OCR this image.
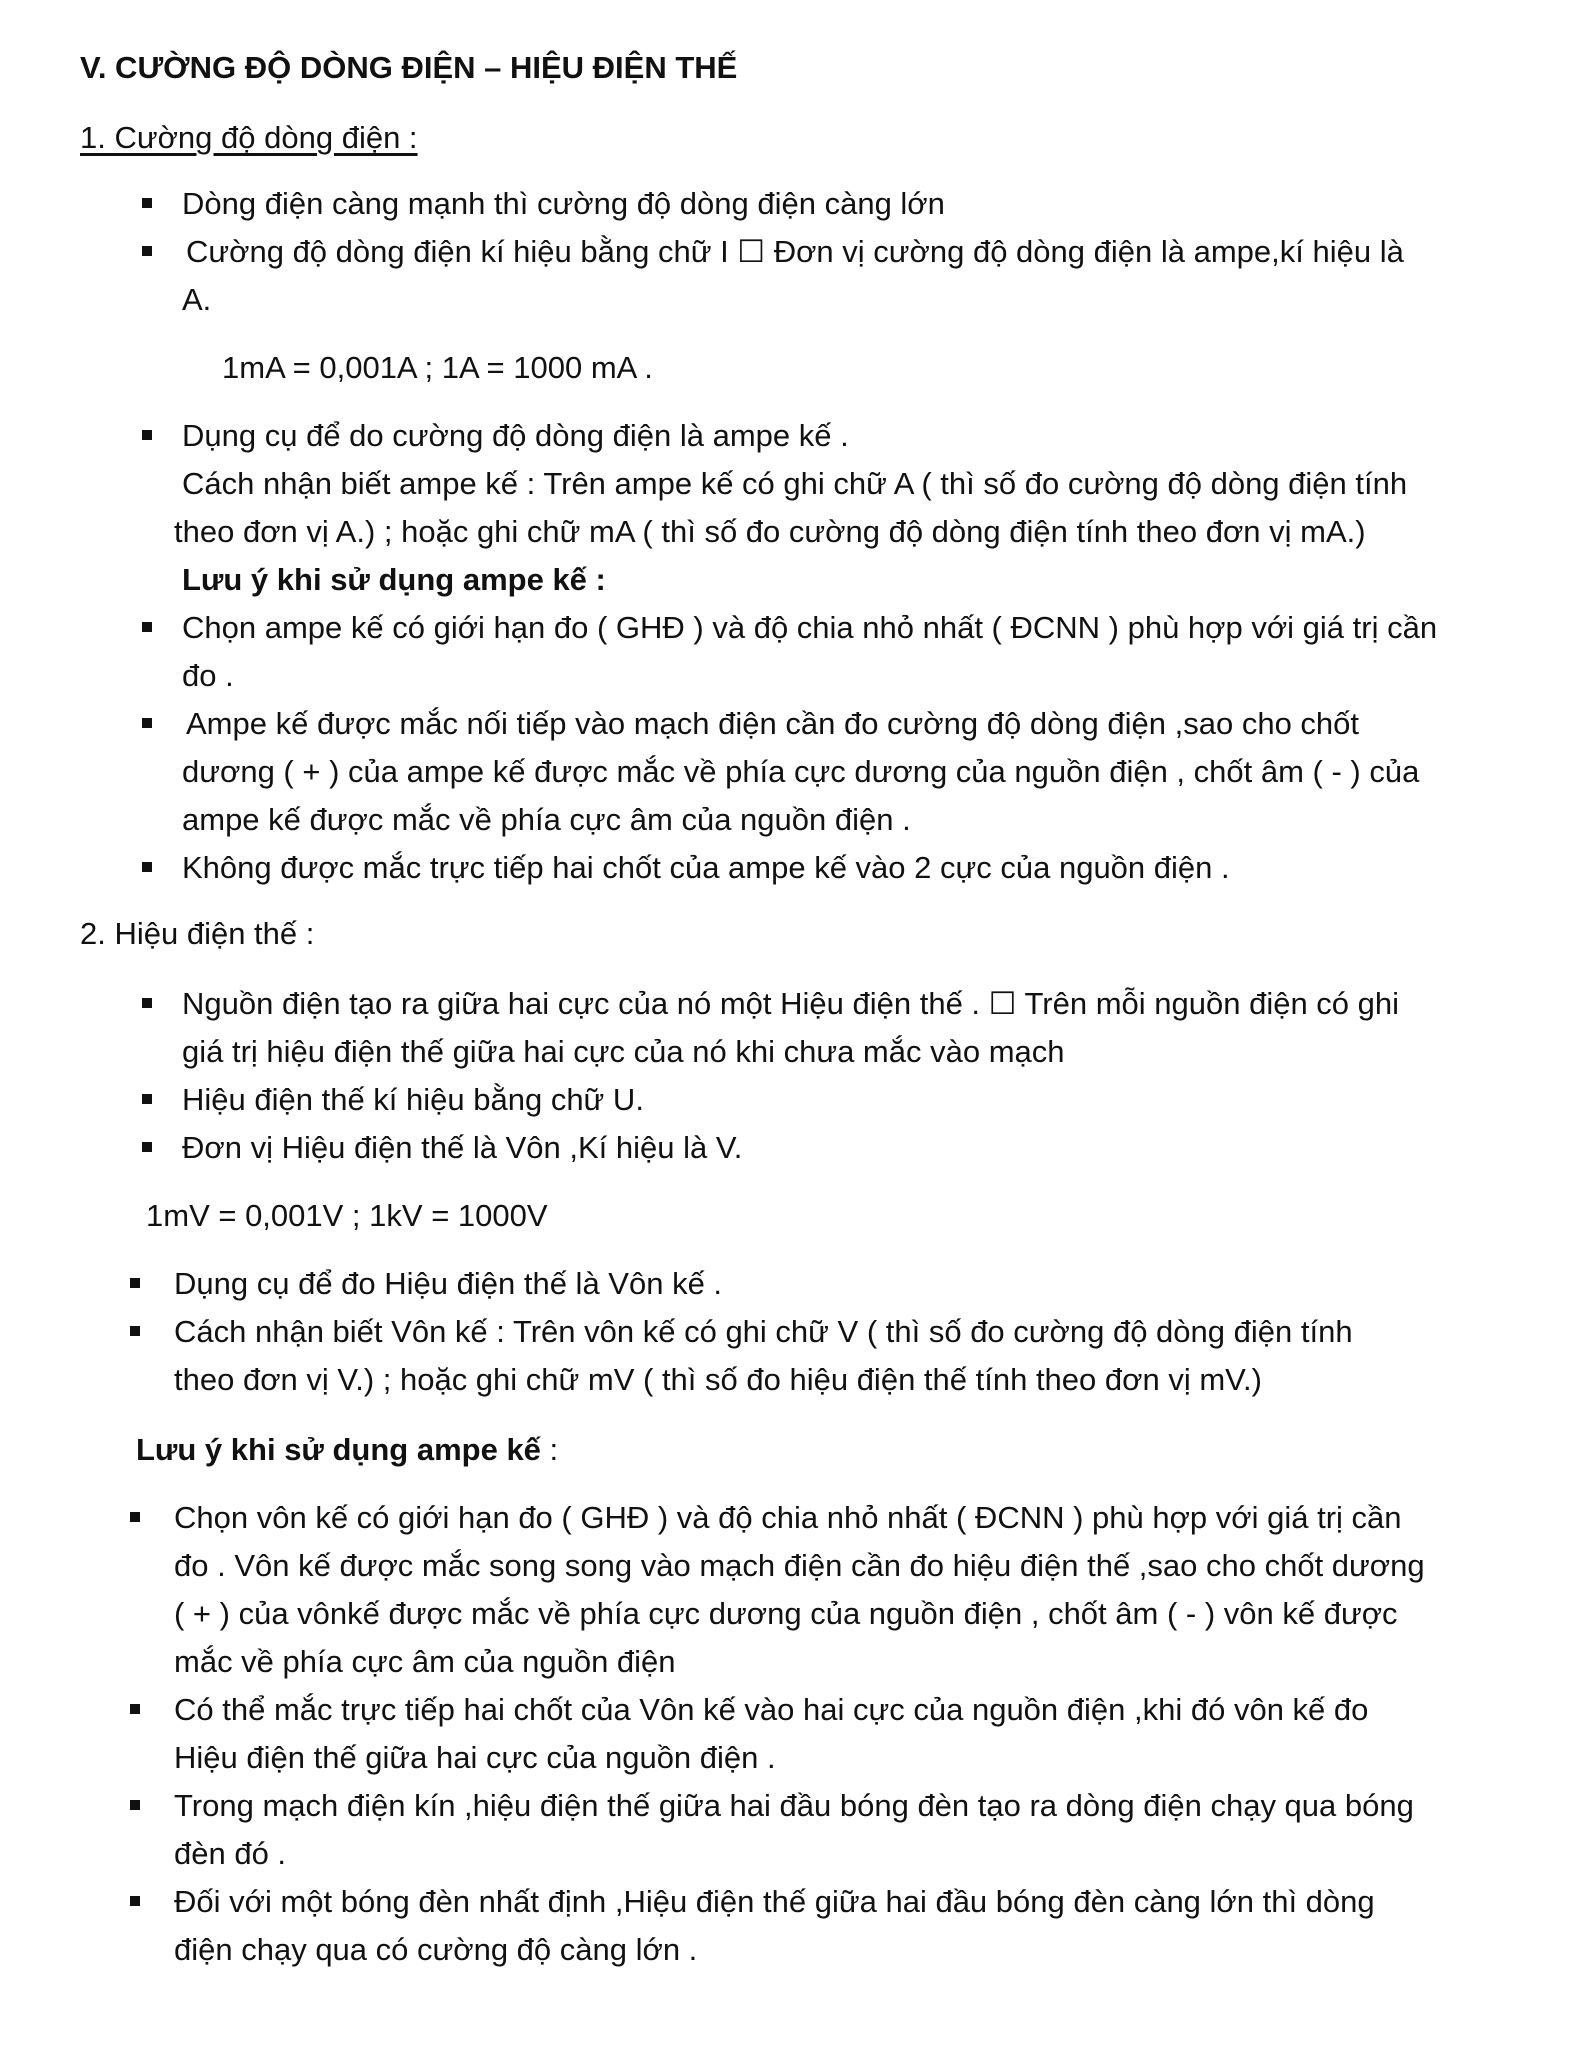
V. CƯỜNG ĐỘ DÒNG ĐIỆN – HIỆU ĐIỆN THẾ
1. Cường độ dòng điện :
Dòng điện càng mạnh thì cường độ dòng điện càng lớn
Cường độ dòng điện kí hiệu bằng chữ I ☐ Đơn vị cường độ dòng điện là ampe,kí hiệu là
A.
1mA = 0,001A ; 1A = 1000 mA .
Dụng cụ để do cường độ dòng điện là ampe kế .
Cách nhận biết ampe kế : Trên ampe kế có ghi chữ A ( thì số đo cường độ dòng điện tính
theo đơn vị A.) ; hoặc ghi chữ mA ( thì số đo cường độ dòng điện tính theo đơn vị mA.)
Lưu ý khi sử dụng ampe kế :
Chọn ampe kế có giới hạn đo ( GHĐ ) và độ chia nhỏ nhất ( ĐCNN ) phù hợp với giá trị cần
đo .
Ampe kế được mắc nối tiếp vào mạch điện cần đo cường độ dòng điện ,sao cho chốt
dương ( + ) của ampe kế được mắc về phía cực dương của nguồn điện , chốt âm ( - ) của
ampe kế được mắc về phía cực âm của nguồn điện .
Không được mắc trực tiếp hai chốt của ampe kế vào 2 cực của nguồn điện .
2. Hiệu điện thế :
Nguồn điện tạo ra giữa hai cực của nó một Hiệu điện thế . ☐ Trên mỗi nguồn điện có ghi
giá trị hiệu điện thế giữa hai cực của nó khi chưa mắc vào mạch
Hiệu điện thế kí hiệu bằng chữ U.
Đơn vị Hiệu điện thế là Vôn ,Kí hiệu là V.
1mV = 0,001V ; 1kV = 1000V
Dụng cụ để đo Hiệu điện thế là Vôn kế .
Cách nhận biết Vôn kế : Trên vôn kế có ghi chữ V ( thì số đo cường độ dòng điện tính
theo đơn vị V.) ; hoặc ghi chữ mV ( thì số đo hiệu điện thế tính theo đơn vị mV.)
Lưu ý khi sử dụng ampe kế :
Chọn vôn kế có giới hạn đo ( GHĐ ) và độ chia nhỏ nhất ( ĐCNN ) phù hợp với giá trị cần
đo . Vôn kế được mắc song song vào mạch điện cần đo hiệu điện thế ,sao cho chốt dương
( + ) của vônkế được mắc về phía cực dương của nguồn điện , chốt âm ( - ) vôn kế được
mắc về phía cực âm của nguồn điện
Có thể mắc trực tiếp hai chốt của Vôn kế vào hai cực của nguồn điện ,khi đó vôn kế đo
Hiệu điện thế giữa hai cực của nguồn điện .
Trong mạch điện kín ,hiệu điện thế giữa hai đầu bóng đèn tạo ra dòng điện chạy qua bóng
đèn đó .
Đối với một bóng đèn nhất định ,Hiệu điện thế giữa hai đầu bóng đèn càng lớn thì dòng
điện chạy qua có cường độ càng lớn .
